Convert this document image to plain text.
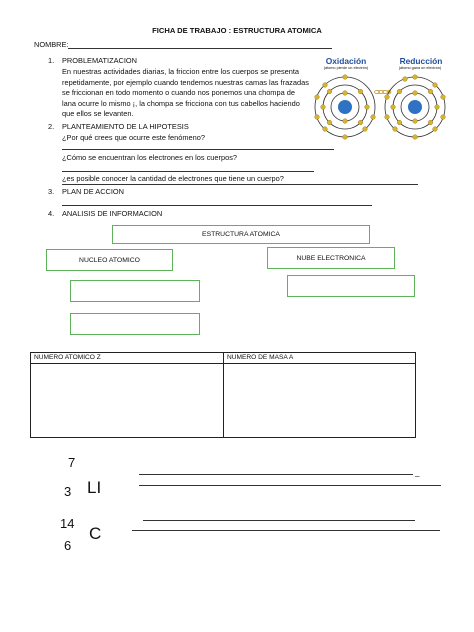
FICHA DE TRABAJO : ESTRUCTURA ATOMICA
NOMBRE:
1. PROBLEMATIZACION
En nuestras actividades diarias, la friccion entre los cuerpos se presenta repetidamente, por ejemplo cuando tendemos nuestras camas las frazadas se friccionan en todo momento o cuando nos ponemos una chompa de lana ocurre lo mismo ¡, la chompa se fricciona con tus cabellos haciendo que ellos se levanten.
2. PLANTEAMIENTO DE LA HIPOTESIS
¿Por qué crees que ocurre este fenómeno?
¿Cómo se encuentran los electrones en los cuerpos?
¿es posible conocer la cantidad de electrones que tiene un cuerpo?
3. PLAN DE ACCION
4. ANALISIS DE INFORMACION
Oxidación
(átomo pierde un electrón)
Reducción
(átomo gana un electrón)
ESTRUCTURA ATOMICA
NUCLEO ATOMICO	NUBE ELECTRONICA
NUMERO ATOMICO Z	NUMERO DE MASA A

7
3 LI
_
14
6
C
